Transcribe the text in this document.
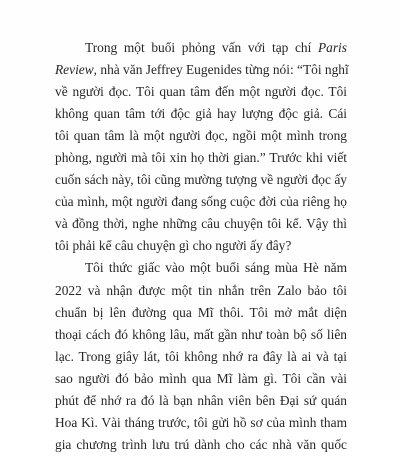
Trong một buổi phỏng vấn với tạp chí Paris
Review, nhà văn Jeffrey Eugenides từng nói: “Tôi nghĩ
về người đọc. Tôi quan tâm đến một người đọc. Tôi
không quan tâm tới độc giả hay lượng độc giả. Cái
tôi quan tâm là một người đọc, ngồi một mình trong
phòng, người mà tôi xin họ thời gian.” Trước khi viết
cuốn sách này, tôi cũng mường tượng về người đọc ấy
của mình, một người đang sống cuộc đời của riêng họ
và đồng thời, nghe những câu chuyện tôi kể. Vậy thì
tôi phải kể câu chuyện gì cho người ấy đây?
Tôi thức giấc vào một buổi sáng mùa Hè năm
2022 và nhận được một tin nhắn trên Zalo bảo tôi
chuẩn bị lên đường qua Mĩ thôi. Tôi mở mắt diện
thoại cách đó không lâu, mất gần như toàn bộ số liên
lạc. Trong giây lát, tôi không nhớ ra đây là ai và tại
sao người đó bảo mình qua Mĩ làm gì. Tôi cần vài
phút để nhớ ra đó là bạn nhân viên bên Đại sứ quán
Hoa Kì. Vài tháng trước, tôi gửi hồ sơ của mình tham
gia chương trình lưu trú dành cho các nhà văn quốc
